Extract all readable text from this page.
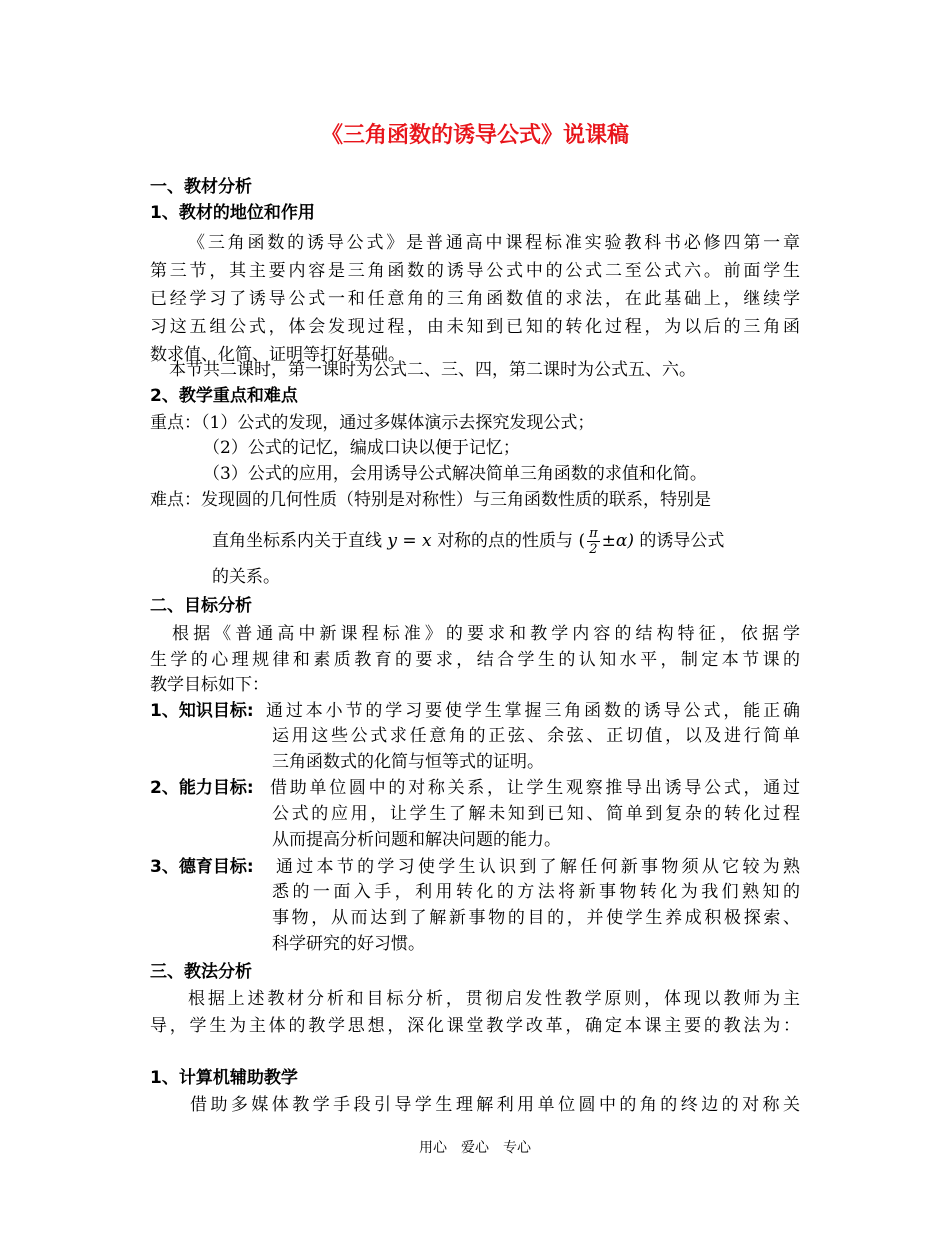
《三角函数的诱导公式》说课稿
一、教材分析
1、教材的地位和作用
《三角函数的诱导公式》是普通高中课程标准实验教科书必修四第一章
第三节，其主要内容是三角函数的诱导公式中的公式二至公式六。前面学生
已经学习了诱导公式一和任意角的三角函数值的求法，在此基础上，继续学
习这五组公式，体会发现过程，由未知到已知的转化过程，为以后的三角函
数求值、化简、证明等打好基础。
本节共二课时，第一课时为公式二、三、四，第二课时为公式五、六。
2、教学重点和难点
重点：（1）公式的发现，通过多媒体演示去探究发现公式；
（2）公式的记忆，编成口诀以便于记忆；
（3）公式的应用，会用诱导公式解决简单三角函数的求值和化简。
难点：发现圆的几何性质（特别是对称性）与三角函数性质的联系，特别是
直角坐标系内关于直线 y = x 对称的点的性质与 ( $\frac{\pi}{2} \pm\alpha$) 的诱导公式
的关系。
二、目标分析
根据《普通高中新课程标准》的要求和教学内容的结构特征，依据学
生学的心理规律和素质教育的要求，结合学生的认知水平，制定本节课的
教学目标如下：
1、知识目标: 通过本小节的学习要使学生掌握三角函数的诱导公式，能正确
运用这些公式求任意角的正弦、余弦、正切值，以及进行简单
三角函数式的化简与恒等式的证明。
2、能力目标: 借助单位圆中的对称关系，让学生观察推导出诱导公式，通过
公式的应用，让学生了解未知到已知、简单到复杂的转化过程
从而提高分析问题和解决问题的能力。
3、德育目标: 通过本节的学习使学生认识到了解任何新事物须从它较为熟
悉的一面入手，利用转化的方法将新事物转化为我们熟知的
事物，从而达到了解新事物的目的，并使学生养成积极探索、
科学研究的好习惯。
三、教法分析
根据上述教材分析和目标分析，贯彻启发性教学原则，体现以教师为主
导，学生为主体的教学思想，深化课堂教学改革，确定本课主要的教法为：
1、计算机辅助教学
借助多媒体教学手段引导学生理解利用单位圆中的角的终边的对称关
用心　爱心　专心
